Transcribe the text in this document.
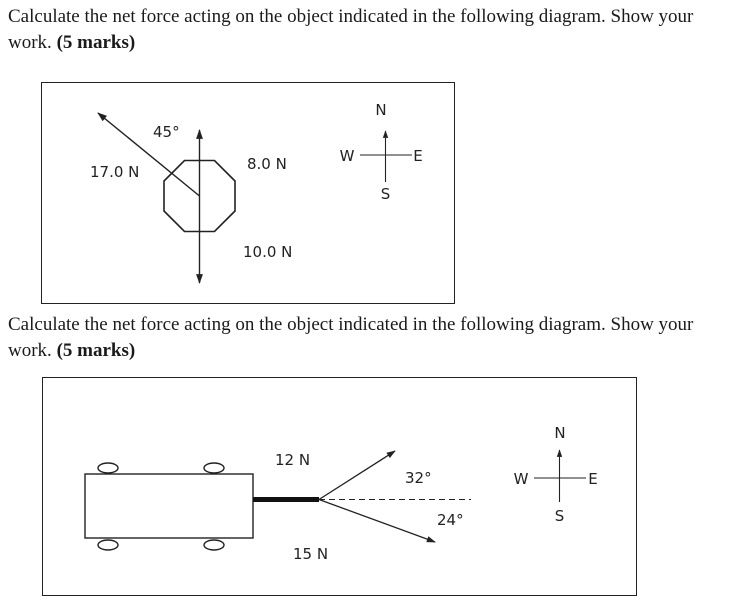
Calculate the net force acting on the object indicated in the following diagram. Show your work. (5 marks)

45°
17.0 N	8.0 N
10.0 N
N
W	E
S

Calculate the net force acting on the object indicated in the following diagram. Show your work. (5 marks)

12 N
32°
24°
15 N
N
W	E
S
